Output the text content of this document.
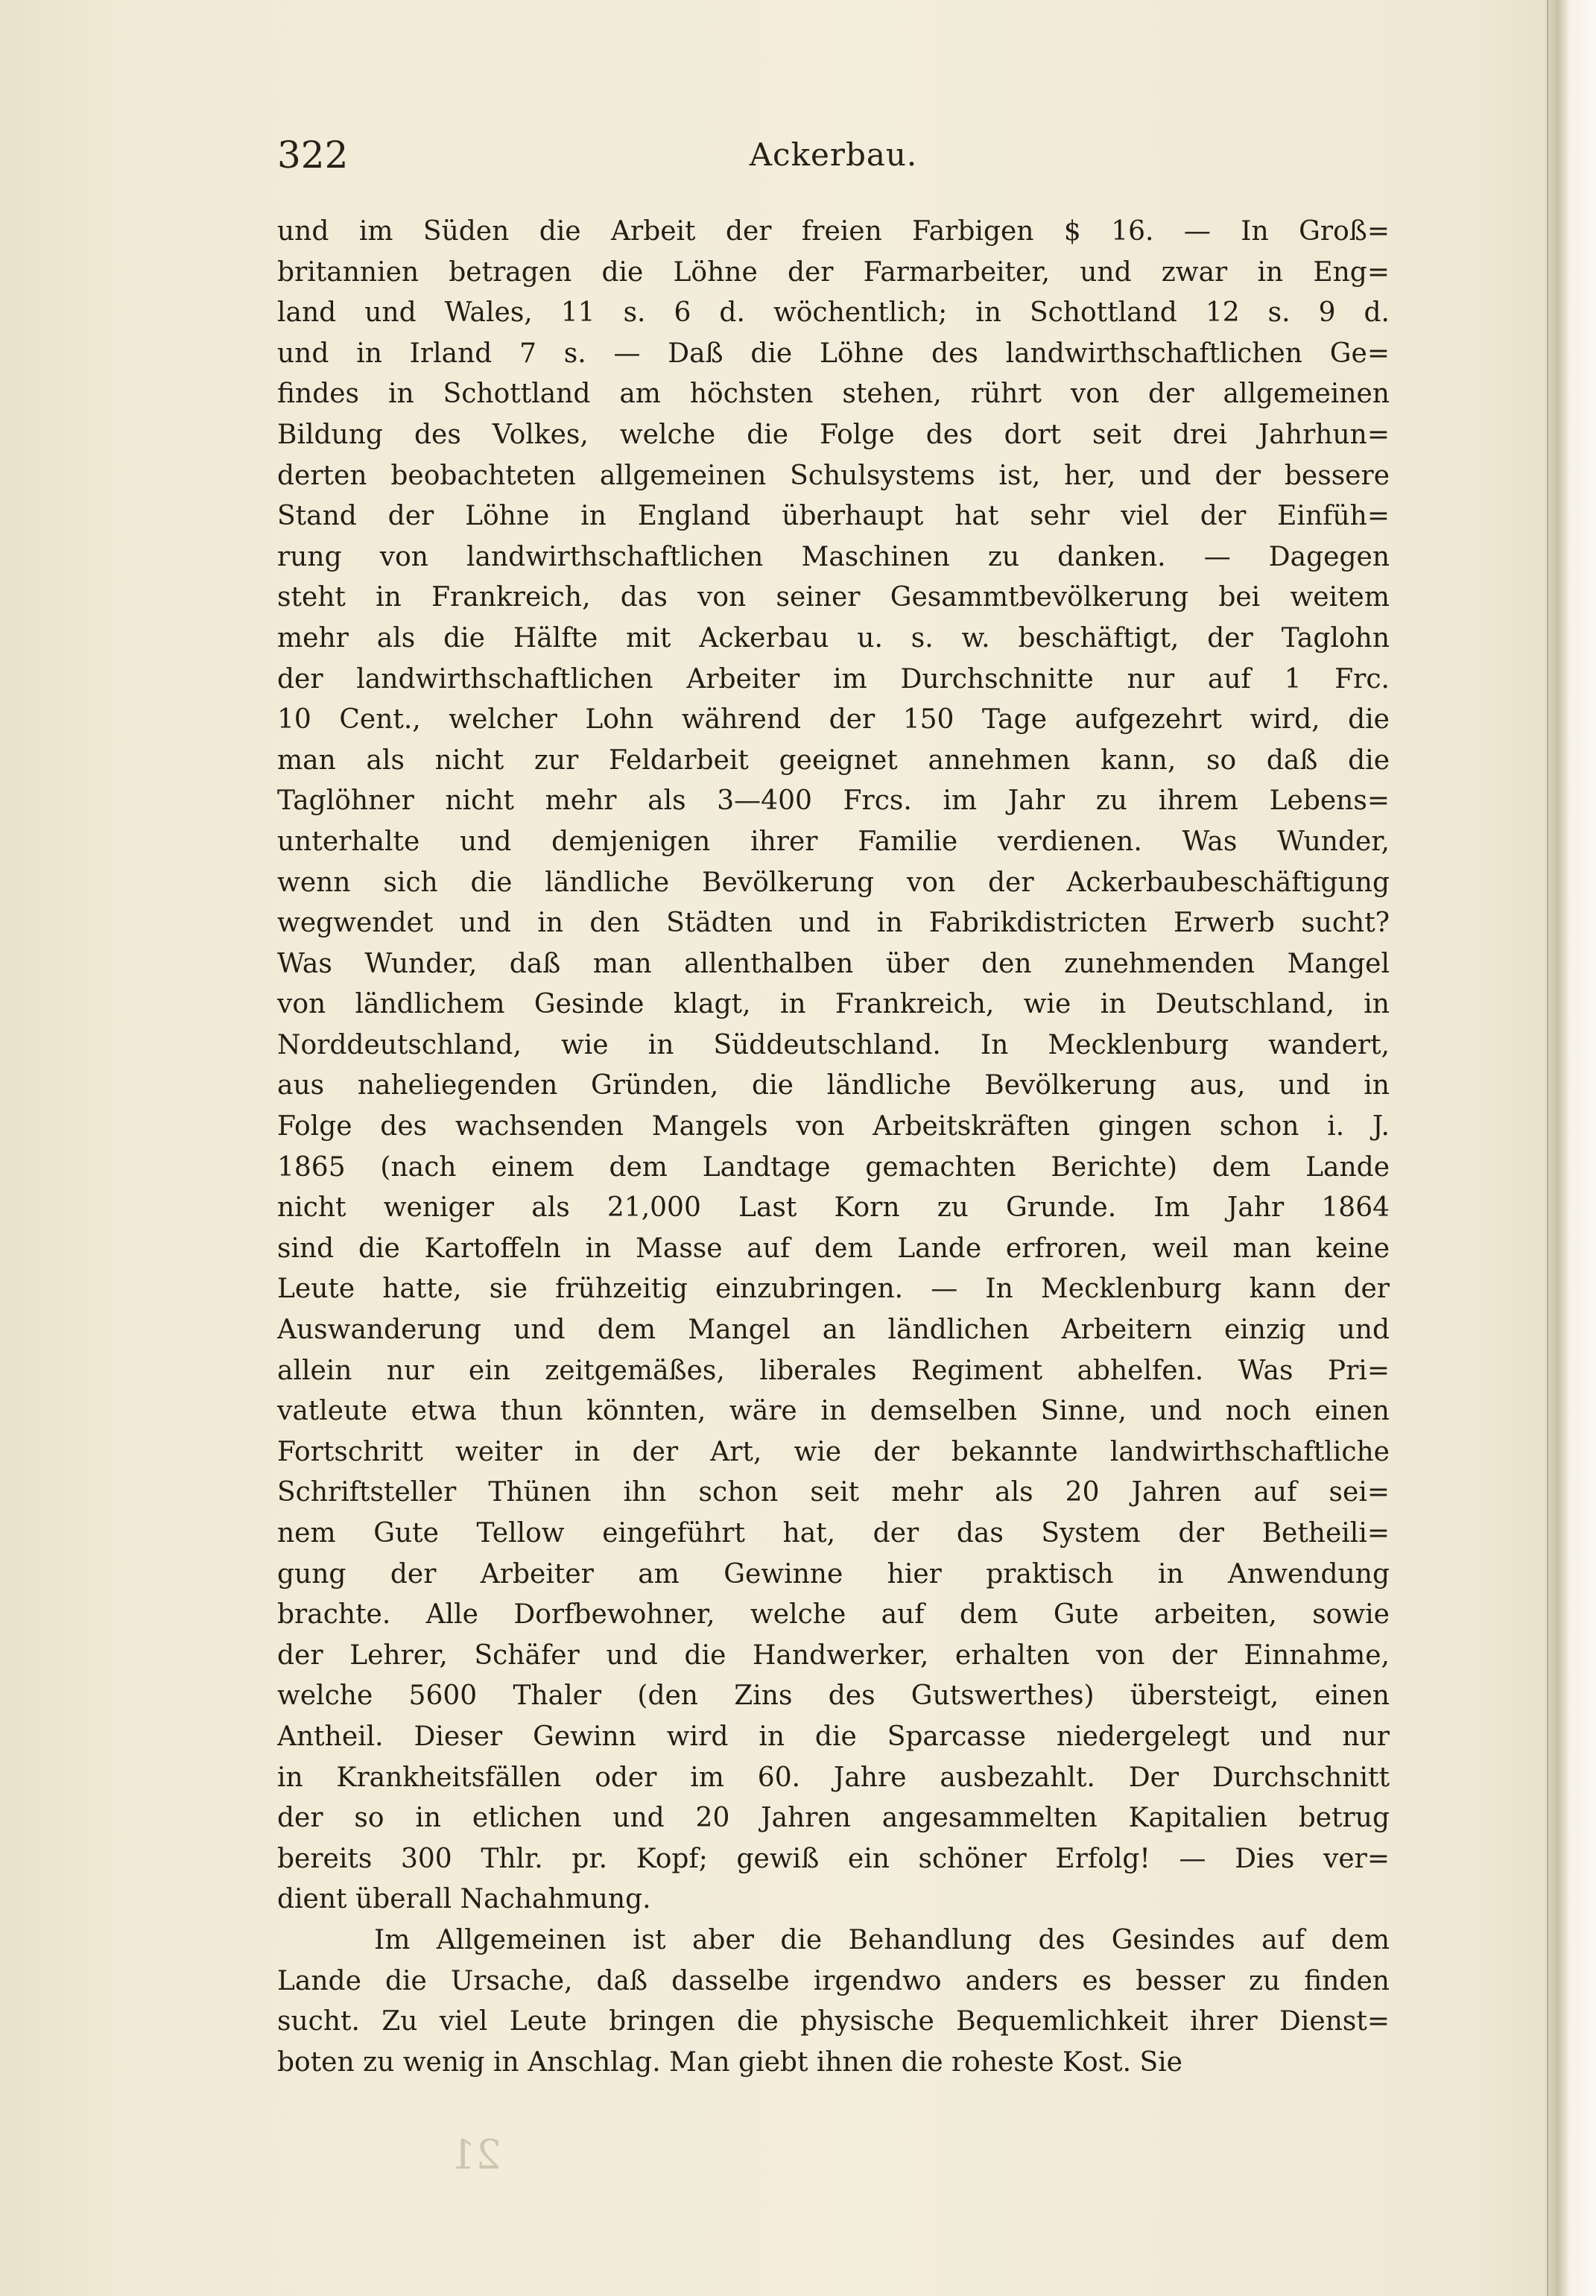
322	Ackerbau.
und im Süden die Arbeit der freien Farbigen $ 16. — In Groß=
britannien betragen die Löhne der Farmarbeiter, und zwar in Eng=
land und Wales, 11 s. 6 d. wöchentlich; in Schottland 12 s. 9 d.
und in Irland 7 s. — Daß die Löhne des landwirthschaftlichen Ge=
findes in Schottland am höchsten stehen, rührt von der allgemeinen
Bildung des Volkes, welche die Folge des dort seit drei Jahrhun=
derten beobachteten allgemeinen Schulsystems ist, her, und der bessere
Stand der Löhne in England überhaupt hat sehr viel der Einfüh=
rung von landwirthschaftlichen Maschinen zu danken. — Dagegen
steht in Frankreich, das von seiner Gesammtbevölkerung bei weitem
mehr als die Hälfte mit Ackerbau u. s. w. beschäftigt, der Taglohn
der landwirthschaftlichen Arbeiter im Durchschnitte nur auf 1 Frc.
10 Cent., welcher Lohn während der 150 Tage aufgezehrt wird, die
man als nicht zur Feldarbeit geeignet annehmen kann, so daß die
Taglöhner nicht mehr als 3—400 Frcs. im Jahr zu ihrem Lebens=
unterhalte und demjenigen ihrer Familie verdienen. Was Wunder,
wenn sich die ländliche Bevölkerung von der Ackerbaubeschäftigung
wegwendet und in den Städten und in Fabrikdistricten Erwerb sucht?
Was Wunder, daß man allenthalben über den zunehmenden Mangel
von ländlichem Gesinde klagt, in Frankreich, wie in Deutschland, in
Norddeutschland, wie in Süddeutschland. In Mecklenburg wandert,
aus naheliegenden Gründen, die ländliche Bevölkerung aus, und in
Folge des wachsenden Mangels von Arbeitskräften gingen schon i. J.
1865 (nach einem dem Landtage gemachten Berichte) dem Lande
nicht weniger als 21,000 Last Korn zu Grunde. Im Jahr 1864
sind die Kartoffeln in Masse auf dem Lande erfroren, weil man keine
Leute hatte, sie frühzeitig einzubringen. — In Mecklenburg kann der
Auswanderung und dem Mangel an ländlichen Arbeitern einzig und
allein nur ein zeitgemäßes, liberales Regiment abhelfen. Was Pri=
vatleute etwa thun könnten, wäre in demselben Sinne, und noch einen
Fortschritt weiter in der Art, wie der bekannte landwirthschaftliche
Schriftsteller Thünen ihn schon seit mehr als 20 Jahren auf sei=
nem Gute Tellow eingeführt hat, der das System der Betheili=
gung der Arbeiter am Gewinne hier praktisch in Anwendung
brachte. Alle Dorfbewohner, welche auf dem Gute arbeiten, sowie
der Lehrer, Schäfer und die Handwerker, erhalten von der Einnahme,
welche 5600 Thaler (den Zins des Gutswerthes) übersteigt, einen
Antheil. Dieser Gewinn wird in die Sparcasse niedergelegt und nur
in Krankheitsfällen oder im 60. Jahre ausbezahlt. Der Durchschnitt
der so in etlichen und 20 Jahren angesammelten Kapitalien betrug
bereits 300 Thlr. pr. Kopf; gewiß ein schöner Erfolg! — Dies ver=
dient überall Nachahmung.
Im Allgemeinen ist aber die Behandlung des Gesindes auf dem
Lande die Ursache, daß dasselbe irgendwo anders es besser zu finden
sucht. Zu viel Leute bringen die physische Bequemlichkeit ihrer Dienst=
boten zu wenig in Anschlag. Man giebt ihnen die roheste Kost. Sie
21
